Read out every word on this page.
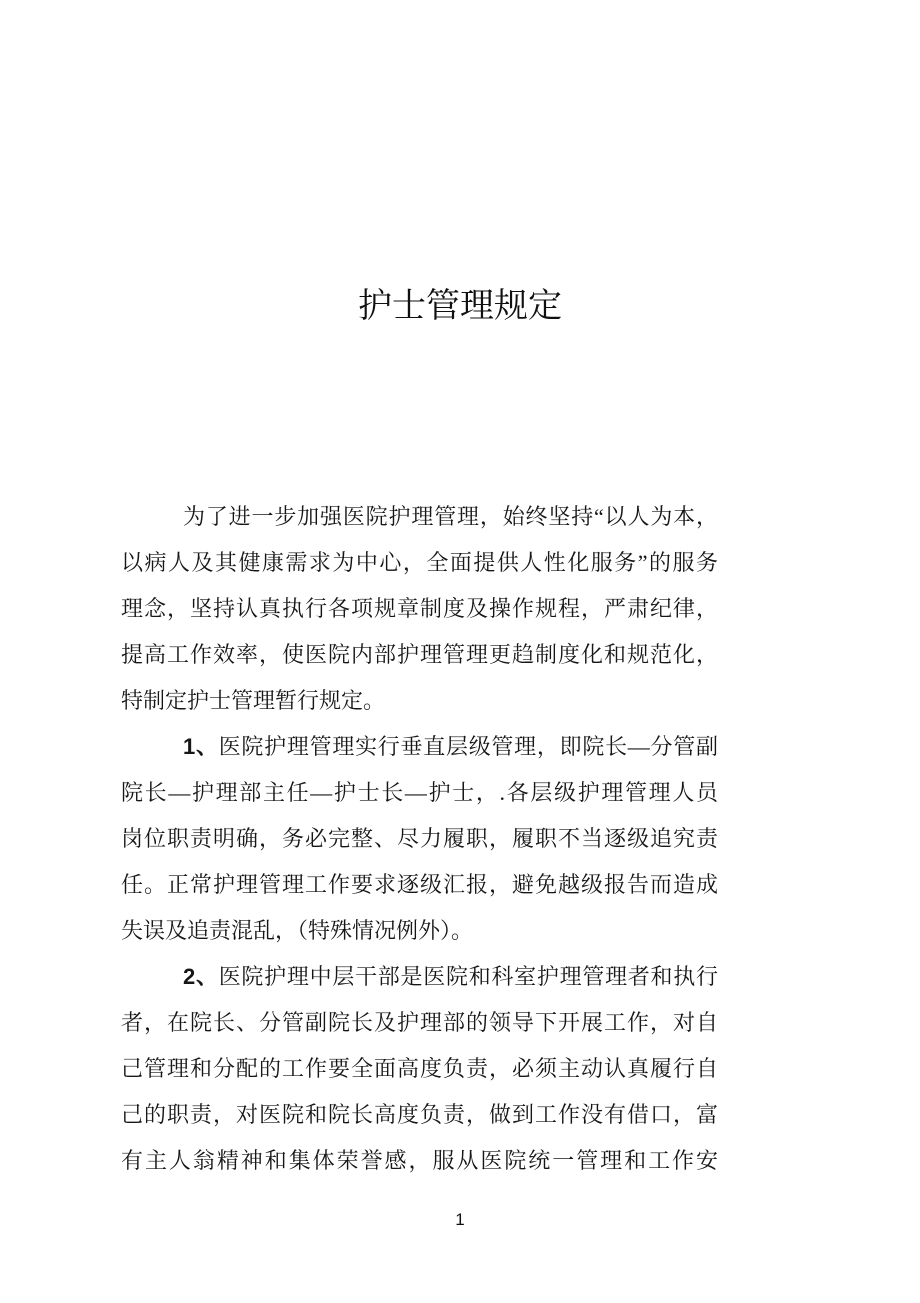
护士管理规定
为了进一步加强医院护理管理，始终坚持“以人为本，
以病人及其健康需求为中心，全面提供人性化服务”的服务
理念，坚持认真执行各项规章制度及操作规程，严肃纪律，
提高工作效率，使医院内部护理管理更趋制度化和规范化，
特制定护士管理暂行规定。
1、医院护理管理实行垂直层级管理，即院长—分管副
院长—护理部主任—护士长—护士，.各层级护理管理人员
岗位职责明确，务必完整、尽力履职，履职不当逐级追究责
任。正常护理管理工作要求逐级汇报，避免越级报告而造成
失误及追责混乱，（特殊情况例外）。
2、医院护理中层干部是医院和科室护理管理者和执行
者，在院长、分管副院长及护理部的领导下开展工作，对自
己管理和分配的工作要全面高度负责，必须主动认真履行自
己的职责，对医院和院长高度负责，做到工作没有借口，富
有主人翁精神和集体荣誉感，服从医院统一管理和工作安
1
